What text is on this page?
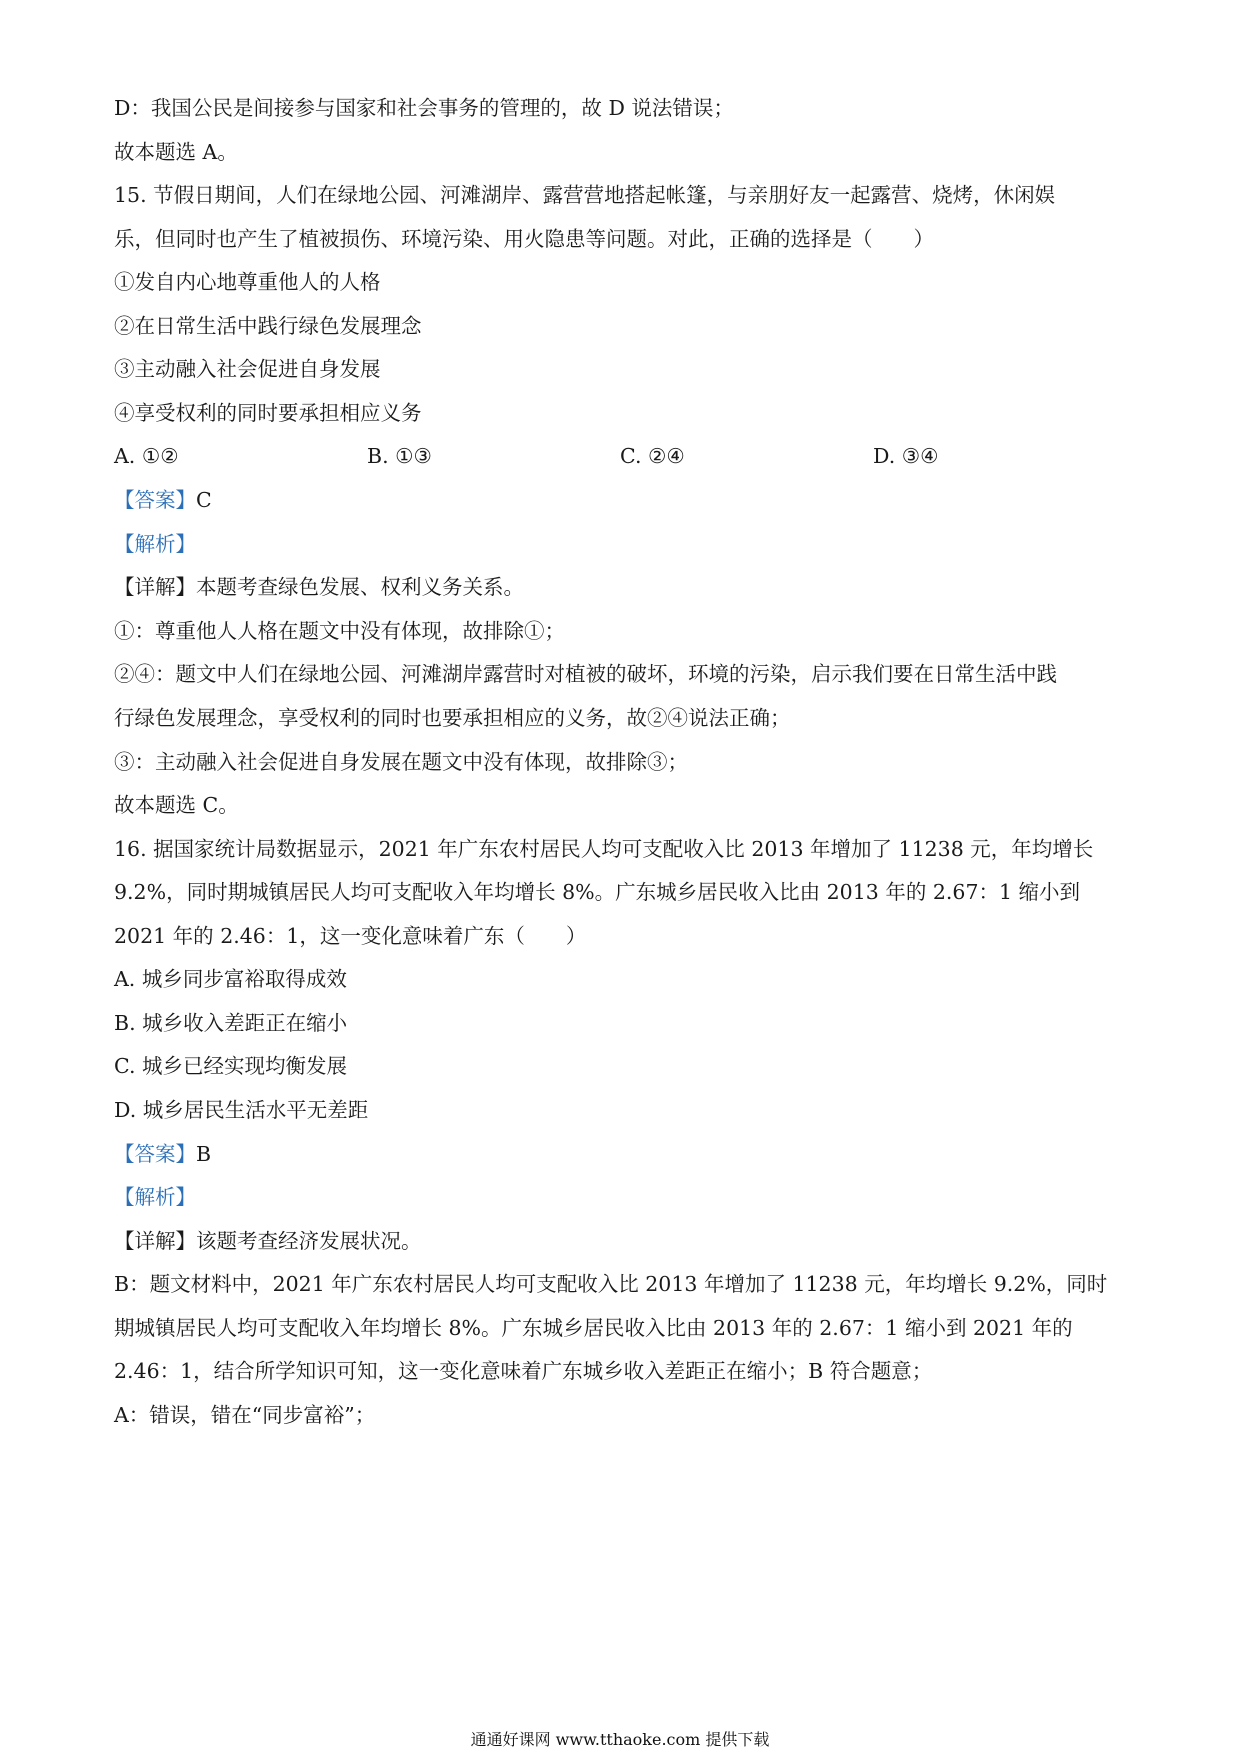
D：我国公民是间接参与国家和社会事务的管理的，故 D 说法错误；
故本题选 A。
15. 节假日期间，人们在绿地公园、河滩湖岸、露营营地搭起帐篷，与亲朋好友一起露营、烧烤，休闲娱
乐，但同时也产生了植被损伤、环境污染、用火隐患等问题。对此，正确的选择是（　　）
①发自内心地尊重他人的人格
②在日常生活中践行绿色发展理念
③主动融入社会促进自身发展
④享受权利的同时要承担相应义务
A. ①②	B. ①③	C. ②④	D. ③④
【答案】C
【解析】
【详解】本题考查绿色发展、权利义务关系。
①：尊重他人人格在题文中没有体现，故排除①；
②④：题文中人们在绿地公园、河滩湖岸露营时对植被的破坏，环境的污染，启示我们要在日常生活中践
行绿色发展理念，享受权利的同时也要承担相应的义务，故②④说法正确；
③：主动融入社会促进自身发展在题文中没有体现，故排除③；
故本题选 C。
16. 据国家统计局数据显示，2021 年广东农村居民人均可支配收入比 2013 年增加了 11238 元，年均增长
9.2%，同时期城镇居民人均可支配收入年均增长 8%。广东城乡居民收入比由 2013 年的 2.67：1 缩小到
2021 年的 2.46：1，这一变化意味着广东（　　）
A. 城乡同步富裕取得成效
B. 城乡收入差距正在缩小
C. 城乡已经实现均衡发展
D. 城乡居民生活水平无差距
【答案】B
【解析】
【详解】该题考查经济发展状况。
B：题文材料中，2021 年广东农村居民人均可支配收入比 2013 年增加了 11238 元，年均增长 9.2%，同时
期城镇居民人均可支配收入年均增长 8%。广东城乡居民收入比由 2013 年的 2.67：1 缩小到 2021 年的
2.46：1，结合所学知识可知，这一变化意味着广东城乡收入差距正在缩小；B 符合题意；
A：错误，错在“同步富裕”；
通通好课网 www.tthaoke.com 提供下载
